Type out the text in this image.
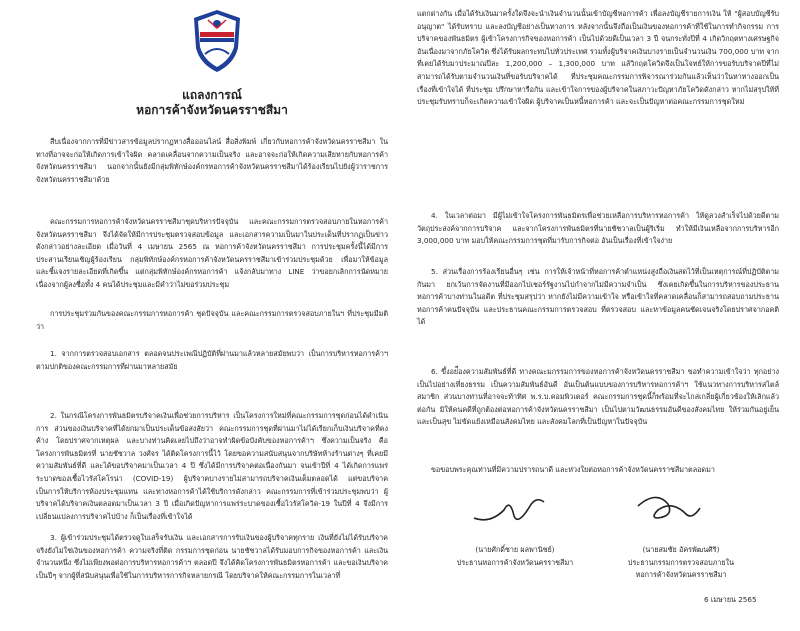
แถลงการณ์
หอการค้าจังหวัดนครราชสีมา

สืบเนื่องจากการที่มีข่าวสารข้อมูลปรากฏทางสื่อออนไลน์ สื่อสิ่งพิมพ์ เกี่ยวกับหอการค้าจังหวัดนครราชสีมา ในทางที่อาจจะก่อให้เกิดการเข้าใจผิด คลาดเคลื่อนจากความเป็นจริง และอาจจะก่อให้เกิดความเสียหายกับหอการค้าจังหวัดนครราชสีมา นอกจากนั้นยังมีกลุ่มพิทักษ์องค์กรหอการค้าจังหวัดนครราชสีมาได้ร้องเรียนไปยังผู้ว่าราชการจังหวัดนครราชสีมาด้วย

คณะกรรมการหอการค้าจังหวัดนครราชสีมาชุดบริหารปัจจุบัน และคณะกรรมการตรวจสอบภายในหอการค้าจังหวัดนครราชสีมา จึงได้จัดให้มีการประชุมตรวจสอบข้อมูล และเอกสารความเป็นมาในประเด็นที่ปรากฏเป็นข่าวดังกล่าวอย่างละเอียด เมื่อวันที่ 4 เมษายน 2565 ณ หอการค้าจังหวัดนครราชสีมา การประชุมครั้งนี้ได้มีการประสานเรียนเชิญผู้ร้องเรียน กลุ่มพิทักษ์องค์กรหอการค้าจังหวัดนครราชสีมาเข้าร่วมประชุมด้วย เพื่อมาให้ข้อมูล และชี้แจงรายละเอียดที่เกิดขึ้น แต่กลุ่มพิทักษ์องค์กรหอการค้า แจ้งกลับมาทาง LINE ว่าขอยกเลิกการนัดหมาย เนื่องจากผู้ลงชื่อทั้ง 4 คนได้ประชุมและมีคำว่าไม่ขอร่วมประชุม

การประชุมร่วมกันของคณะกรรมการหอการค้า ชุดปัจจุบัน และคณะกรรมการตรวจสอบภายในฯ ที่ประชุมมีมติว่า

1. จากการตรวจสอบเอกสาร ตลอดจนประเพณีปฏิบัติที่ผ่านมาแล้วหลายสมัยพบว่า เป็นการบริหารหอการค้าฯ ตามปกติของคณะกรรมการที่ผ่านมาหลายสมัย

2. ในกรณีโครงการพันธมิตรบริจาคเงินเพื่อช่วยการบริหาร เป็นโครงการใหม่ที่คณะกรรมการชุดก่อนได้ดำเนินการ ส่วนของเงินบริจาคที่ได้ยกมาเป็นประเด็นข้อสงสัยว่า คณะกรรมการชุดที่ผ่านมาไม่ได้เรียกเก็บเงินบริจาคที่คงค้าง โดยปราศจากเหตุผล และบางท่านคิดเลยไปถึงว่าอาจทำผิดข้อบังคับของหอการค้าฯ ซึ่งความเป็นจริง คือ โครงการพันธมิตรที่ นายชัชวาล วงศ์จร ได้ติดโครงการนี้ไว้ โดยขอความสนับสนุนจากบริษัทห้างร้านต่างๆ ที่เคยมีความสัมพันธ์ที่ดี และได้ขอบริจาคมาเป็นเวลา 4 ปี ซึ่งได้มีการบริจาคต่อเนื่องกันมา จนเข้าปีที่ 4 ได้เกิดการแพร่ระบาดของเชื้อไวรัสโคโรน่า (COVID-19) ผู้บริจาคบางรายไม่สามารถบริจาคเงินเต็มตลอดได้ แต่ขอบริจาคเป็นการให้บริการห้องประชุมแทน และทางหอการค้าได้ใช้บริการดังกล่าว คณะกรรมการที่เข้าร่วมประชุมพบว่า ผู้บริจาคได้บริจาคเงินตลอดมาเป็นเวลา 3 ปี เมื่อเกิดปัญหาการแพร่ระบาดของเชื้อไวรัสโควิด-19 ในปีที่ 4 จึงมีการเปลี่ยนแปลงการบริจาคไปบ้าง ก็เป็นเรื่องที่เข้าใจได้

3. ผู้เข้าร่วมประชุมได้ตรวจดูใบเสร็จรับเงิน และเอกสารการรับเงินของผู้บริจาคทุกราย เงินที่ยังไม่ได้รับบริจาคจริงยังไม่ใช่เงินของหอการค้า ความจริงที่ติด กรรมการชุดก่อน นายชัชวาลได้รับมอบการกิจของหอการค้า และเงินจำนวนหนึ่ง ซึ่งไม่เพียงพอต่อการบริหารหอการค้าฯ ตลอดปี จึงได้คิดโครงการพันธมิตรหอการค้า และขอเงินบริจาคเป็นปีๆ จากผู้ที่สนับสนุนเพื่อใช้ในการบริหารการกิจหลายกรณี โดยบริจาคให้คณะกรรมการในเวลาที่

แตกต่างกัน เมื่อได้รับเงินมาครั้งใดจึงจะนำเงินจำนวนนั้นเข้าบัญชีหอการค้า เพื่อลงบัญชีรายการเงิน ให้ "ผู้สอบบัญชีรับอนุญาต" ได้รับทราบ และลงบัญชีอย่างเป็นทางการ หลังจากนั้นจึงถือเป็นเงินของหอการค้าที่ใช้ในการทำกิจกรรม การบริจาคของพันธมิตร ผู้เข้าโครงการกิจของหอการค้า เป็นไปด้วยดีเป็นเวลา 3 ปี จนกระทั่งปีที่ 4 เกิดวิกฤตทางเศรษฐกิจ อันเนื่องมาจากภัยโควิด ซึ่งได้รับผลกระทบไปทั่วประเทศ รวมทั้งผู้บริจาคเงินบางรายเป็นจำนวนเงิน 700,000 บาท จากที่เคยได้รับมาประมาณปีละ 1,200,000 – 1,300,000 บาท แล้วิกฤตโควิดจึงเป็นโจทย์ให้การขอรับบริจาคปีที่ไม่สามารถได้รับตามจำนวนเงินที่ขอรับบริจาคได้ ที่ประชุมคณะกรรมการพิจารณาร่วมกันแล้วเห็นว่าในหาทางออกเป็นเรื่องที่เข้าใจได้ ที่ประชุม ปรึกษาหารือกัน และเข้าใจการของผู้บริจาคในสภาวะปัญหาภัยโควิดดังกล่าว หากไม่สรุปให้ที่ประชุมรับทราบก็จะเกิดความเข้าใจผิด ผู้บริจาคเป็นหนี้หอการค้า และจะเป็นปัญหาต่อคณะกรรมการชุดใหม่

4. ในเวลาต่อมา มีผู้ไม่เข้าใจโครงการพันธมิตรเพื่อช่วยเหลือการบริหารหอการค้า ให้ดูลวงสำเร็จไปด้วยดีตามวัตถุประสงค์จากการบริจาค และจากโครงการพันธมิตรที่นายชัชวาลเป็นผู้ริเริ่ม ทำให้มีเงินเหลือจากการบริหารอีก 3,000,000 บาท มอบให้คณะกรรมการชุดที่มารับการกิจต่อ อันเป็นเรื่องที่เข้าใจง่าย

5. ส่วนเรื่องการร้องเรียนอื่นๆ เช่น การให้เจ้าหน้าที่หอการค้าตำแหน่งสูงถือเงินสดไว้ที่เป็นเหตุการณ์ที่ปฏิบัติตามกันมา ยกเว้นการจัดงานที่มีออกไปเชอร์รัฐงานไปกำจากไม่มีความจำเป็น ซึ่งเคยเกิดขึ้นในการบริหารของประธานหอการค้าบางท่านในอดีต ที่ประชุมสรุปว่า หากยังไม่มีความเข้าใจ หรือเข้าใจที่คลาดเคลื่อนก็สามารถสอบถามประธานหอการค้าคนปัจจุบัน และประธานคณะกรรมการตรวจสอบ ที่ตรวจสอบ และหาข้อมูลคนชัดเจนจริงโดยปราศจากอคติได้

6. ขึ้งอย่ืองความสัมพันธ์ที่ดี ทางคณะมกรรมการของหอการค้าจังหวัดนครราชสีมา ขอทำความเข้าใจว่า ทุกอย่างเป็นไปอย่างเที่ยงธรรม เป็นความสัมพันธ์อันดี อันเป็นต้นแบบของการบริหารหอการค้าฯ ใช้แนวทางการบริหารสไตล์สมาชิก ส่วนบางท่านที่อาจจะท้าทิศ พ.ร.บ.คอมพิวเตอร์ คณะกรรมการชุดนี้ก็พร้อมที่จะไกล่เกลี่ยผู้เกี่ยวข้องให้เลิกแล้วต่อกัน มิให้คนคดีที่ถูกต้องต่อหอการค้าจังหวัดนครราชสีมา เป็นไปตามวัฒนธรรมอันดีของสังคมไทย ให้ร่วมกันอยู่เย็น และเป็นสุข ไม่ขัดแย้งเหมือนสังคมไทย และสังคมโลกที่เป็นปัญหาในปัจจุบัน

ขอขอบพระคุณท่านที่มีความปรารถนาดี และห่วงใยต่อหอการค้าจังหวัดนครราชสีมาตลอดมา

(นายศักดิ์ชาย ผลพานิชย์)
ประธานหอการค้าจังหวัดนครราชสีมา
(นายสมชัย อัครพัฒนศิริ)
ประธานกรรมการตรวจสอบภายใน
หอการค้าจังหวัดนครราชสีมา
6 เมษายน 2565
